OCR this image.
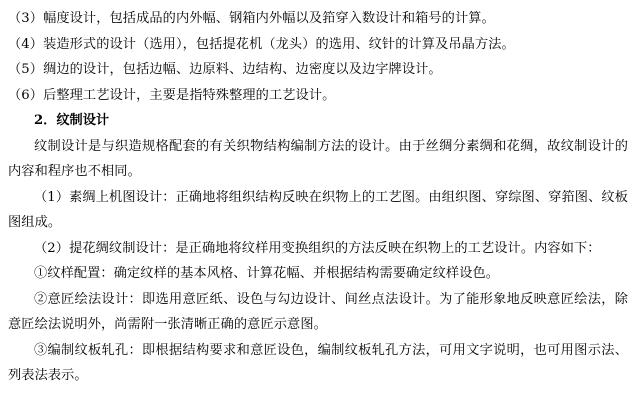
（3）幅度设计，包括成品的内外幅、钢箱内外幅以及筘穿入数设计和箱号的计算。

（4）装造形式的设计（选用），包括提花机（龙头）的选用、纹针的计算及吊晶方法。

（5）绸边的设计，包括边幅、边原料、边结构、边密度以及边字牌设计。

（6）后整理工艺设计，主要是指特殊整理的工艺设计。

2．纹制设计

纹制设计是与织造规格配套的有关织物结构编制方法的设计。由于丝绸分素绸和花绸，故纹制设计的内容和程序也不相同。

（1）素绸上机图设计：正确地将组织结构反映在织物上的工艺图。由组织图、穿综图、穿筘图、纹板图组成。

（2）提花绸纹制设计：是正确地将纹样用变换组织的方法反映在织物上的工艺设计。内容如下：

①纹样配置：确定纹样的基本风格、计算花幅、并根据结构需要确定纹样设色。

②意匠绘法设计：即选用意匠纸、设色与勾边设计、间丝点法设计。为了能形象地反映意匠绘法，除意匠绘法说明外，尚需附一张清晰正确的意匠示意图。

③编制纹板轧孔：即根据结构要求和意匠设色，编制纹板轧孔方法，可用文字说明，也可用图示法、列表法表示。
